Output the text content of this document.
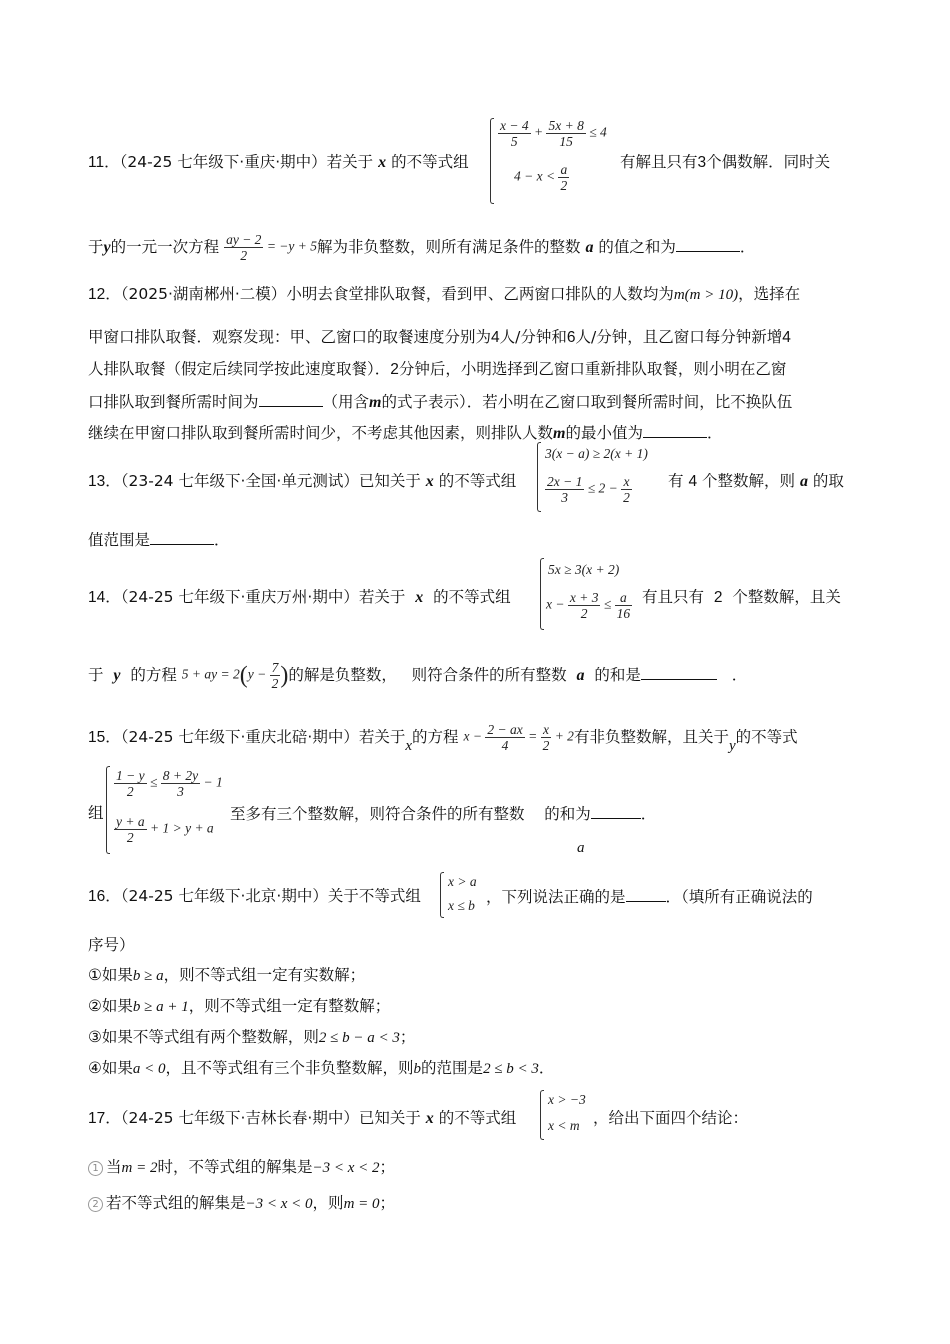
$\frac{x - 4}{5} + \frac{5x + 8}{15} \le 4$
$4 - x < \frac{a}{2}$
11．（24-25 七年级下·重庆·期中）若关于 x 的不等式组	有解且只有3个偶数解．同时关
于y的一元一次方程 $\frac{ay - 2}{2} = -y + 5$解为非负整数，则所有满足条件的整数 a 的值之和为	．
12．（2025·湖南郴州·二模）小明去食堂排队取餐，看到甲、乙两窗口排队的人数均为m(m > 10)，选择在
甲窗口排队取餐．观察发现：甲、乙窗口的取餐速度分别为4人/分钟和6人/分钟，且乙窗口每分钟新增4
人排队取餐（假定后续同学按此速度取餐）．2分钟后，小明选择到乙窗口重新排队取餐，则小明在乙窗
口排队取到餐所需时间为	（用含m的式子表示）．若小明在乙窗口取到餐所需时间，比不换队伍
继续在甲窗口排队取到餐所需时间少，不考虑其他因素，则排队人数m的最小值为	．
3(x − a) ≥ 2(x + 1)
$\frac{2x - 1}{3} \le 2 - \frac{x}{2}$
13．（23-24 七年级下·全国·单元测试）已知关于 x 的不等式组	有 4 个整数解，则 a 的取
值范围是	．
5x ≥ 3(x + 2)
$x - \frac{x + 3}{2} \le \frac{a}{16}$
14．（24-25 七年级下·重庆万州·期中）若关于 x 的不等式组	有且只有 2 个整数解，且关
于 y 的方程 5 + ay = $2(y - \frac{7}{2}$ )的解是负整数， 则符合条件的所有整数 a 的和是	．
15．（24-25 七年级下·重庆北碚·期中）若关于x的方程 $x - \frac{2 - ax}{4} = \frac{x}{2} + 2$有非负整数解，且关于y的不等式
$\frac{1 - y}{2} \le \frac{8 + 2y}{3} - 1$
$\frac{y + a}{2} + 1 > y + a$
组	至多有三个整数解，则符合条件的所有整数 的和为	．
a
x > a
x ≤ b
16．（24-25 七年级下·北京·期中）关于不等式组	，下列说法正确的是	．（填所有正确说法的
序号）
①如果b ≥ a，则不等式组一定有实数解；
②如果b ≥ a + 1，则不等式组一定有整数解；
③如果不等式组有两个整数解，则2 ≤ b − a < 3；
④如果a < 0，且不等式组有三个非负整数解，则b的范围是2 ≤ b < 3．
x > −3
x < m
17．（24-25 七年级下·吉林长春·期中）已知关于 x 的不等式组	，给出下面四个结论：
1 当m = 2时，不等式组的解集是−3 < x < 2；
2 若不等式组的解集是−3 < x < 0，则m = 0；
